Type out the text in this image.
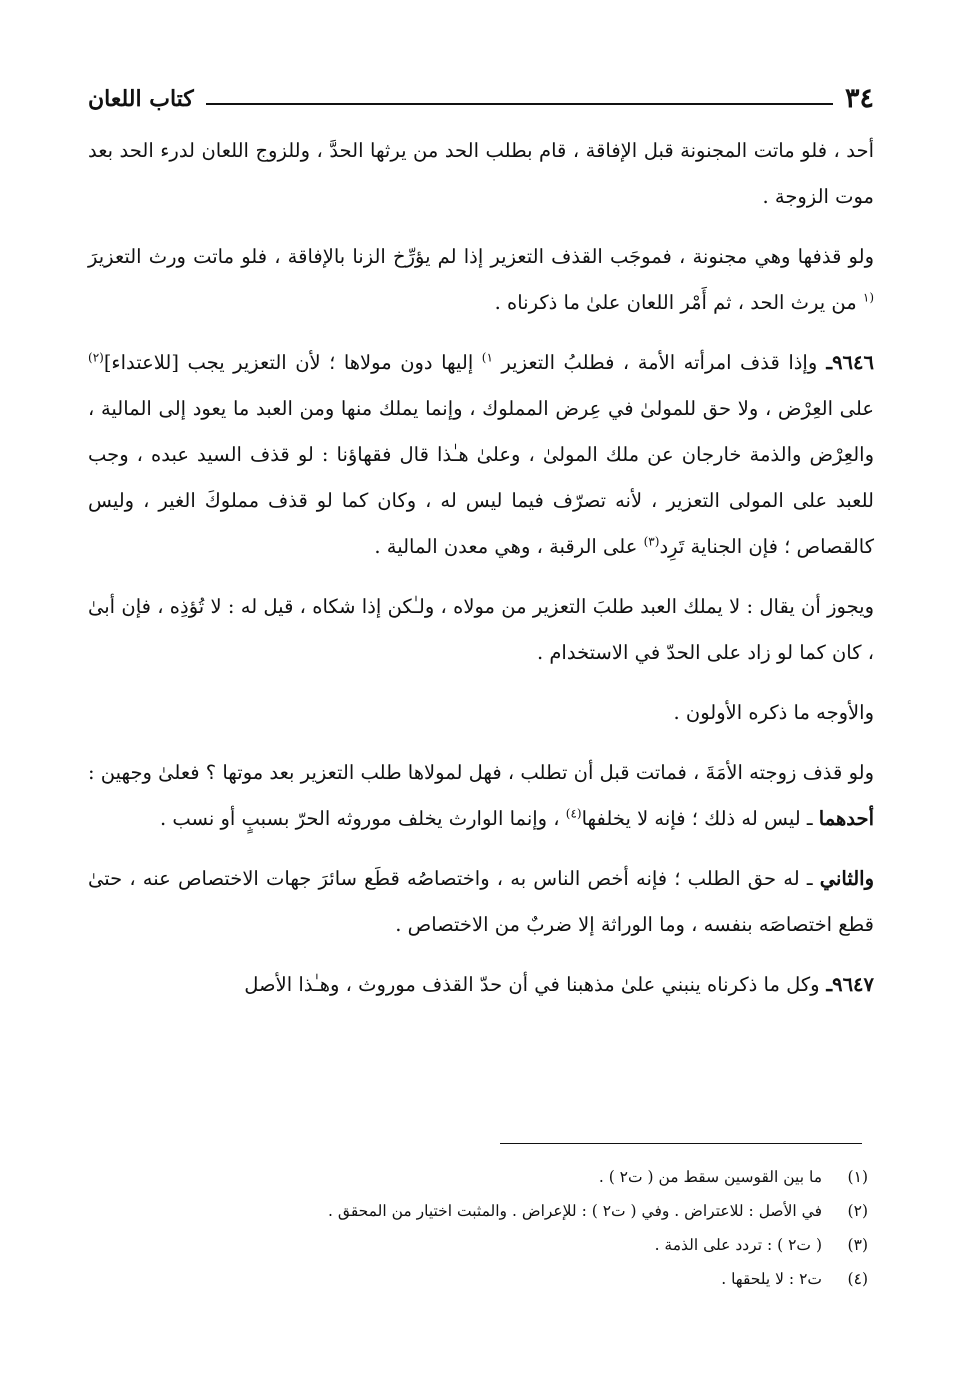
٣٤
كتاب اللعان

أحد ، فلو ماتت المجنونة قبل الإفاقة ، قام بطلب الحد من يرثها الحدَّ ، وللزوج اللعان لدرء الحد بعد موت الزوجة .

ولو قذفها وهي مجنونة ، فموجَب القذف التعزير إذا لم يؤرِّخ الزنا بالإفاقة ، فلو ماتت ورث التعزيرَ $^{(١}$ من يرث الحد ، ثم أَمْر اللعان علىٰ ما ذكرناه .

٩٦٤٦ـ وإذا قذف امرأته الأمة ، فطلبُ التعزير $^{١)}$ إليها دون مولاها ؛ لأن التعزير يجب [للاعتداء]$^{(٢)}$ على العِرْض ، ولا حق للمولىٰ في عِرض المملوك ، وإنما يملك منها ومن العبد ما يعود إلى المالية ، والعِرْض والذمة خارجان عن ملك المولىٰ ، وعلىٰ هـٰذا قال فقهاؤنا : لو قذف السيد عبده ، وجب للعبد على المولى التعزير ، لأنه تصرّف فيما ليس له ، وكان كما لو قذف مملوكَ الغير ، وليس كالقصاص ؛ فإن الجناية تَرِد$^{(٣)}$ على الرقبة ، وهي معدن المالية .

ويجوز أن يقال : لا يملك العبد طلبَ التعزير من مولاه ، ولـٰكن إذا شكاه ، قيل له : لا تُؤذِه ، فإن أبىٰ ، كان كما لو زاد على الحدّ في الاستخدام .

والأوجه ما ذكره الأولون .

ولو قذف زوجته الأمَةَ ، فماتت قبل أن تطلب ، فهل لمولاها طلب التعزير بعد موتها ؟ فعلىٰ وجهين : أحدهما ـ ليس له ذلك ؛ فإنه لا يخلفها$^{(٤)}$ ، وإنما الوارث يخلف موروثه الحرّ بسببٍ أو نسب .

والثاني ـ له حق الطلب ؛ فإنه أخص الناس به ، واختصاصُه قطَع سائرَ جهات الاختصاص عنه ، حتىٰ قطع اختصاصَه بنفسه ، وما الوراثة إلا ضربٌ من الاختصاص .

٩٦٤٧ـ وكل ما ذكرناه ينبني علىٰ مذهبنا في أن حدّ القذف موروث ، وهـٰذا الأصل

(١)
ما بين القوسين سقط من ( ت٢ ) .
(٢)
في الأصل : للاعتراض . وفي ( ت٢ ) : للإعراض . والمثبت اختيار من المحقق .
(٣)
( ت٢ ) : تردد على الذمة .
(٤)
ت٢ : لا يلحقها .
